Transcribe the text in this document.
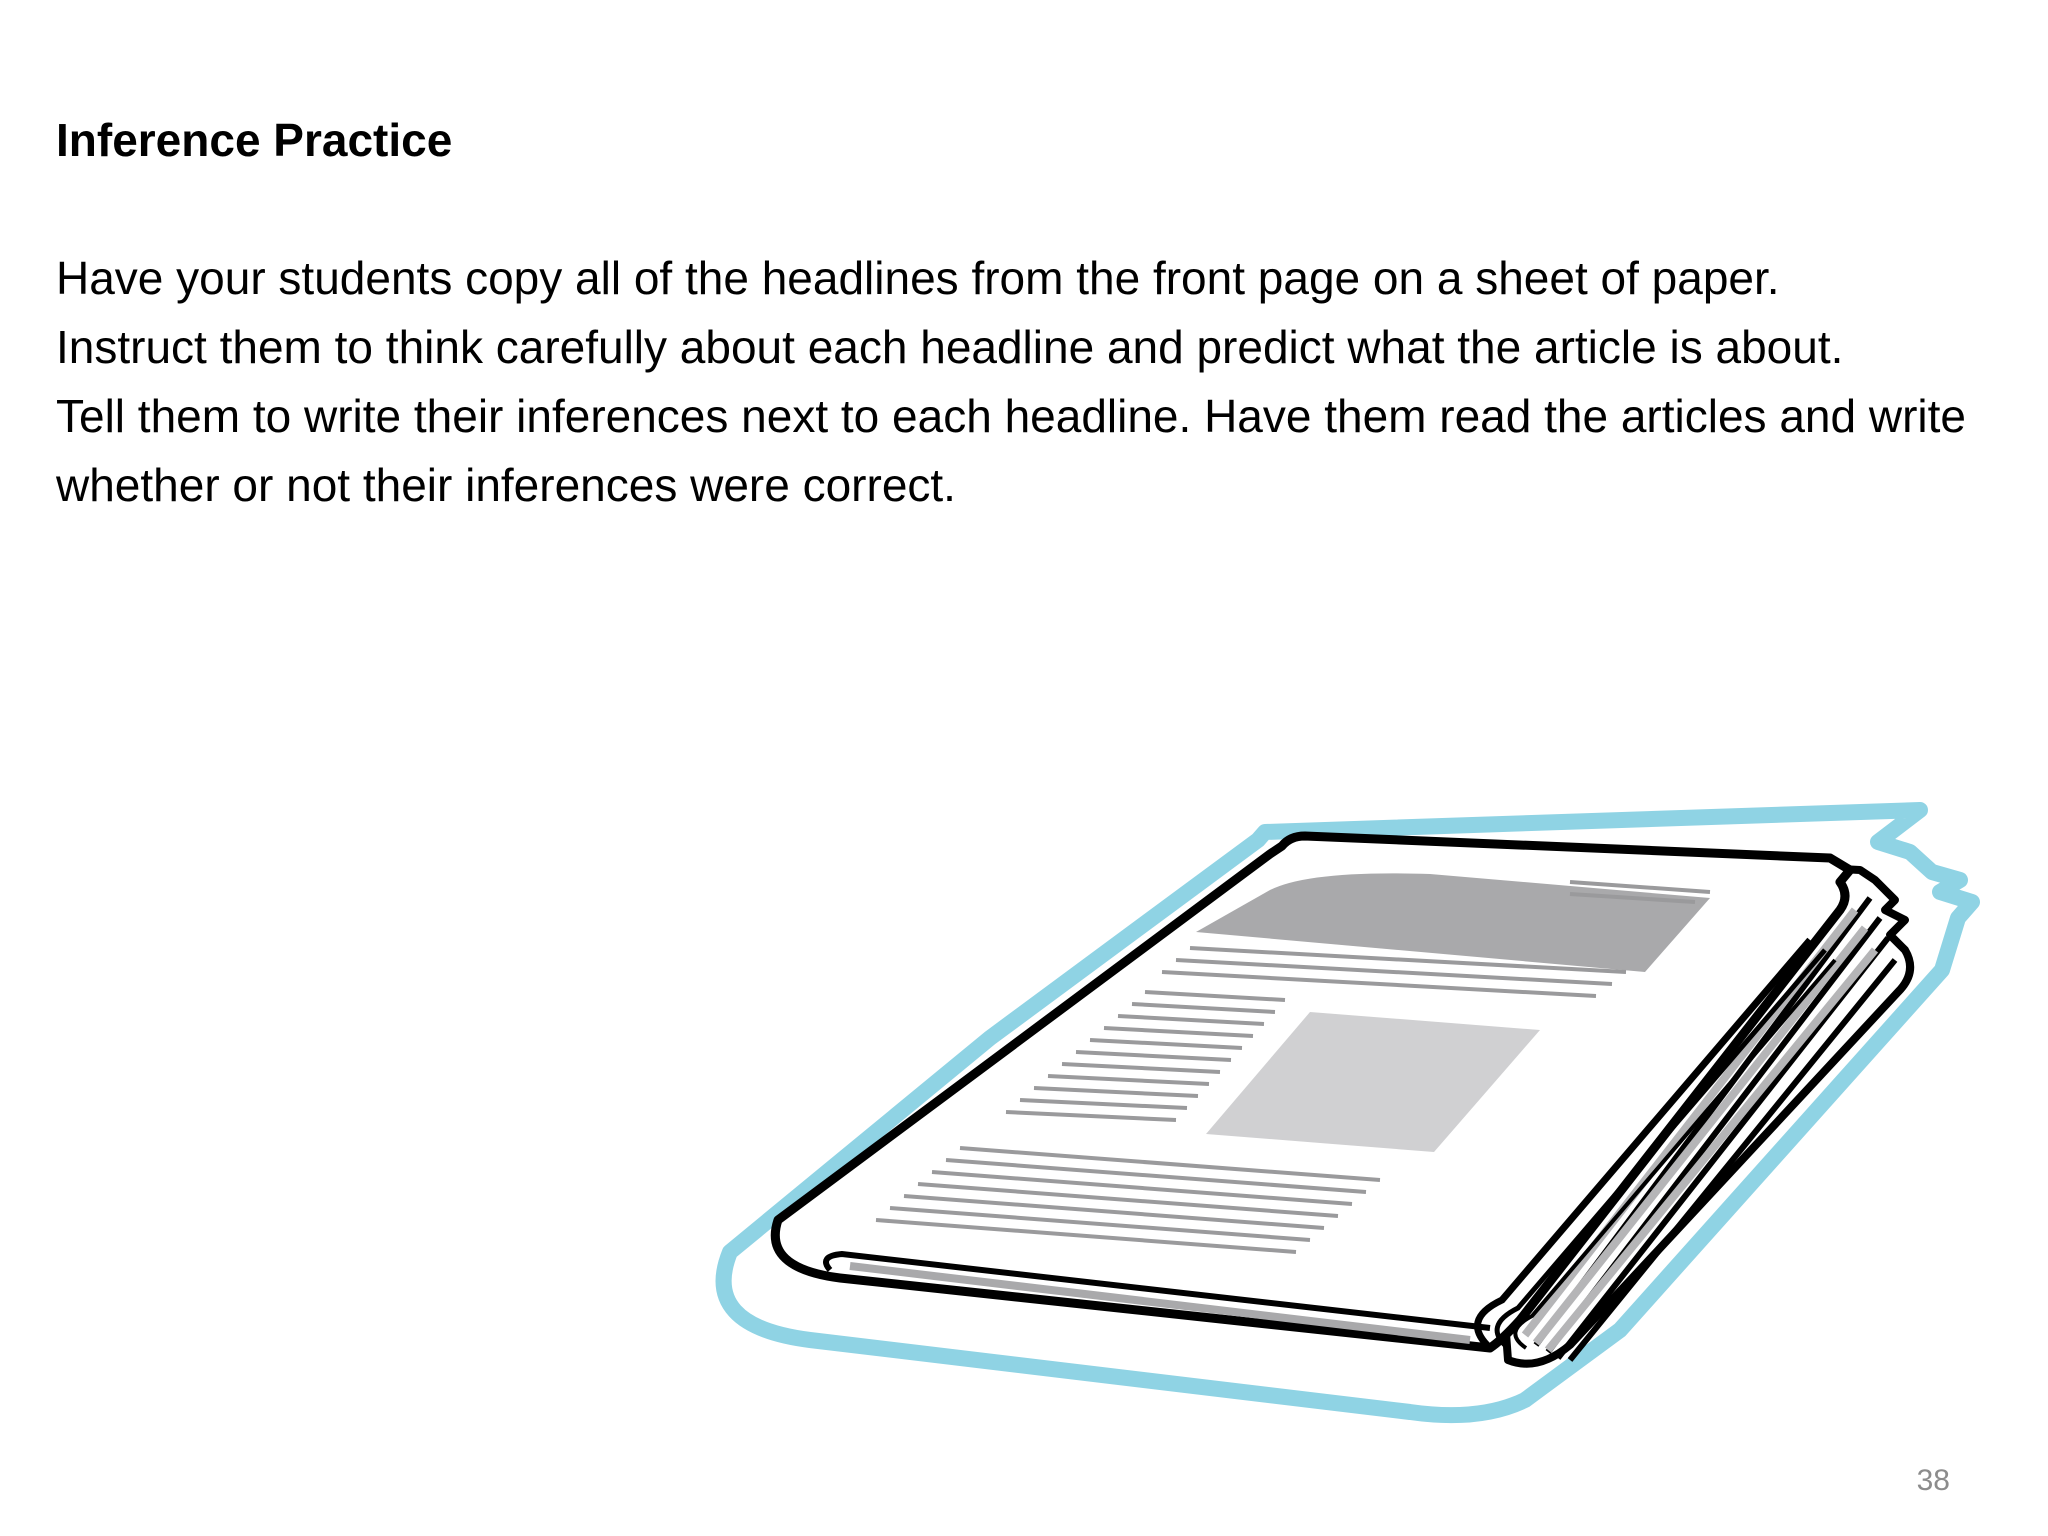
Inference Practice

Have your students copy all of the headlines from the front page on a sheet of paper.

Instruct them to think carefully about each headline and predict what the article is about.

Tell them to write their inferences next to each headline. Have them read the articles and write whether or not their inferences were correct.

38
